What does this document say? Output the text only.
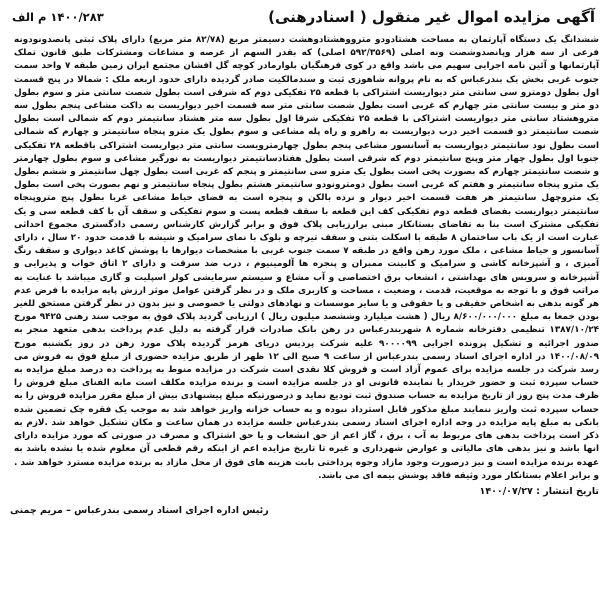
آگهی مزایده اموال غیر منقول ( اسنادرهنی)
۱۴۰۰/۲۸۳ م الف
ششدانگ یک دستگاه آپارتمان به مساحت هشتادودو مترووهشتادوهشت دسیمتر مربع (۸۲/۷۸ متر مربع) دارای پلاک ثبتی پانصدونودونه فرعی از سه هزار وپانصدوشصت ونه اصلی (۵۹۲/۳۵۶۹ اصلی) که بقدر السهم از عرصه و مشاعات ومشترکات طبق قانون تملک آپارتمانها و آئین نامه اجرایی سهیم می باشد واقع در کوی فرهنگیان بلوارمادر کوچه گل افشان مجتمع ایران زمین طبقه ۷ واحد سمت جنوب غربی بخش یک بندرعباس که به نام پروانه شاهوزی ثبت و سندمالکیت صادر گردیده دارای حدود اربعه ملک : شمالا در پنج قسمت اول بطول دومترو سی سانتی متر دیواریست اشتراکی با قطعه ۲۵ تفکیکی دوم که شرقی است بطول شصت سانتی متر و سوم بطول دو متر و بیست سانتی متر چهارم که غربی است بطول شصت سانتی متر سه قسمت اخیر دیواریست به داکت مشاعی پنجم بطول سه متروهشتاد سانتی متر دیواریست اشتراکی با قطعه ۲۵ تفکیکی شرقا اول بطول سه متر هشتاد سانتیمتر دوم که شمالی است بطول شصت سانتیمتر دو قسمت اخیر درب دیواریست به راهرو و راه پله مشاعی و سوم بطول یک مترو پنجاه سانتیمتر و چهارم که شمالی است بطول نود سانتیمتر دیواریست به آسانسور مشاعی پنجم بطول چهارمترویست سانتی متر دیواریست اشتراکی باقطعه ۲۸ تفکیکی جنوبا اول بطول چهار متر وپنج سانتیمتر دوم که شرقی است بطول هفتادسانتیمتر دیواریست به نورگیر مشاعی و سوم بطول چهارمتر و شصت سانتیمتر چهارم که بصورت پخی است بطول یک مترو سی سانتیمتر و پنجم که غربی است بطول چهل سانتیمتر و ششم بطول یک مترو پنجاه سانتیمتر و هفتم که غربی است بطول دومترونودو سانتیمتر هشتم بطول پنجاه سانتیمتر و نهم بصورت پخی است بطول یک متروچهل سانتیمتر هر هفت قسمت اخیر دیوار و نرده بالکن و پنجره است به فضای حیاط مشاعی غربا بطول پنج متروپنجاه سانتیمتر دیواریست بفضای قطعه دوم تفکیکی کف این قطعه با سقف قطعه پست و سوم تفکیکی و سقف آن با کف قطعه سی و یک تفکیکی مشترک است بنا به تقاضای بستانکار مبنی برارزیابی پلاک فوق و برابر گزارش کارشناس رسمی دادگستری مجموع احداثی عبارت است از یک باب ساختمان ۸ طبقه با اسکلت بتنی و سقف تیرچه و بلوک با نمای سرامیک و شیشه با قدمت حدود ۲۰ سال ، دارای آسانسور و حیاط مشاعی ، ملک مورد رهن واقع در طبقه ۷ سمت جنوب غربی با مشخصات دیوارها با پوشش کاغذ دیواری و سقف رنگ آمیزی ، و آشپزخانه کاشی و سرامیک و کابینت ممبران و پنجره ها آلومینیوم ، درب ضد سرقت و دارای ۲ اتاق خواب و پذیرایی و آشپزخانه و سرویس های بهداشتی ، انشعاب برق اختصاصی و آب مشاع و سیستم سرمایشی کولر اسپلیت و گازی میباشد با عنایت به مراتب فوق و با توجه به موقعیت، قدمت ، وضعیت ، مساحت و کاربری ملک و در نظر گرفتن عوامل موثر ارزش پایه مزایده با فرض عدم هر گونه بدهی به اشخاص حقیقی و یا حقوقی و یا سایر موسسات و نهادهای دولتی یا خصوصی و نیز بدون در نظر گرفتن مستحق للغیر بودن جمعا به مبلغ ۸/۶۰۰/۰۰۰/۰۰۰ ریال ( هشت میلیارد وششصد میلیون ریال ) ارزیابی گردید پلاک فوق به موجب سند رهنی ۹۴۲۵ مورخ ۱۳۸۷/۱۰/۲۴ تنظیمی دفترخانه شماره ۸ شهربندرعباس در رهن بانک صادرات قرار گرفته به دلیل عدم پرداخت بدهی متعهد منجر به صدور اجرائیه و تشکیل پرونده اجرایی ۹۰۰۰۰۹۹ علیه شرکت پردیس دریای هرمز گردیده پلاک مورد رهن در روز یکشنبه مورخ ۱۴۰۰/۰۸/۰۹ در اداره اجرای اسناد رسمی بندرعباس از ساعت ۹ صبح الی ۱۲ ظهر از طریق مزایده حضوری از مبلغ فوق به فروش می رسد شرکت در جلسه مزایده برای عموم آزاد است و فروش کلا نقدی است شرکت در مزایده منوط به پرداخت ده درصد مبلغ مزایده به حساب سپرده ثبت و حضور خریدار یا نماینده قانونی او در جلسه مزایده است و برنده مزایده مکلف است مابه الفنای مبلغ فروش را ظرف مدت پنج روز از تاریخ مزایده به حساب صندوق ثبت تودیع نماید و درصورتیکه مبلغ پیشنهادی بیش از مبلغ مقرر مزایده فروش را به حساب سپرده ثبت واریز ننمایند مبلغ مذکور قابل استرداد نبوده و به حساب خزانه واریز خواهد شد به موجب یک فقره چک تضمین شده بانکی به مبلغ پایه مزایده در وجه اداره اجرای اسناد رسمی بندرعباس جلسه مزایده در همان ساعت و مکان تشکیل خواهد شد .لازم به ذکر است پرداخت بدهی های مربوط به آب ، برق ، گاز اعم از حق انشعاب و یا حق اشتراک و مصرف در صورتی که مورد مزایده دارای انها باشد و نیز بدهی های مالیاتی و عوارض شهرداری و غیره تا تاریخ مزایده اعم از اینکه رقم قطعی آن معلوم شده یا نشده باشد به عهده برنده مزایده است و نیز درصورت وجود مازاد وجوه پرداختی بابت هزینه های فوق از محل مازاد به برنده مزایده مسترد خواهد شد . و برابر اعلام بستانکار مورد وثیقه فاقد پوشش بیمه ای می باشد.
تاریخ انتشار : ۱۴۰۰/۰۷/۲۷
رئیس اداره اجرای اسناد رسمی بندرعباس – مریم چمنی
